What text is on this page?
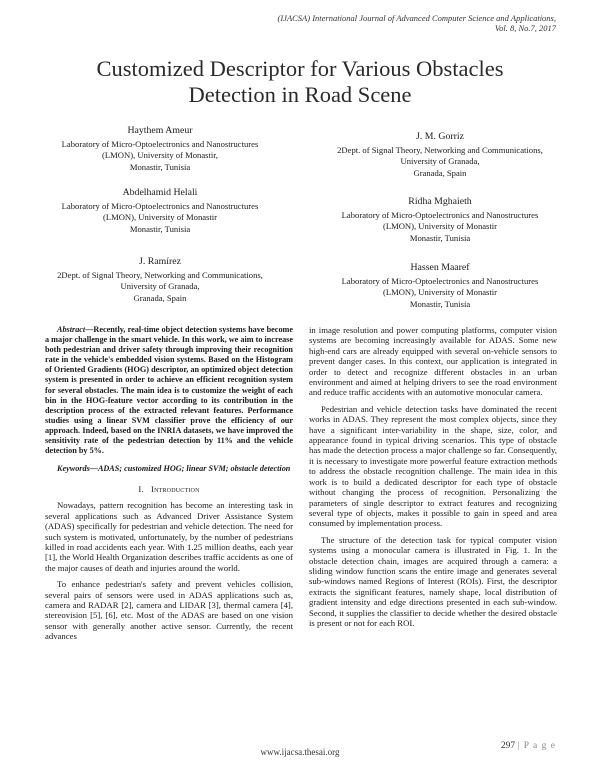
(IJACSA) International Journal of Advanced Computer Science and Applications,
Vol. 8, No.7, 2017
Customized Descriptor for Various Obstacles
Detection in Road Scene
Haythem Ameur
Laboratory of Micro-Optoelectronics and Nanostructures
(LMON), University of Monastir,
Monastir, Tunisia
Abdelhamid Helali
Laboratory of Micro-Optoelectronics and Nanostructures
(LMON), University of Monastir
Monastir, Tunisia
J. Ramírez
2Dept. of Signal Theory, Networking and Communications,
University of Granada,
Granada, Spain
J. M. Gorriz
2Dept. of Signal Theory, Networking and Communications,
University of Granada,
Granada, Spain
Ridha Mghaieth
Laboratory of Micro-Optoelectronics and Nanostructures
(LMON), University of Monastir
Monastir, Tunisia
Hassen Maaref
Laboratory of Micro-Optoelectronics and Nanostructures
(LMON), University of Monastir
Monastir, Tunisia
Abstract—Recently, real-time object detection systems have become a major challenge in the smart vehicle. In this work, we aim to increase both pedestrian and driver safety through improving their recognition rate in the vehicle's embedded vision systems. Based on the Histogram of Oriented Gradients (HOG) descriptor, an optimized object detection system is presented in order to achieve an efficient recognition system for several obstacles. The main idea is to customize the weight of each bin in the HOG-feature vector according to its contribution in the description process of the extracted relevant features. Performance studies using a linear SVM classifier prove the efficiency of our approach. Indeed, based on the INRIA datasets, we have improved the sensitivity rate of the pedestrian detection by 11% and the vehicle detection by 5%.
Keywords—ADAS; customized HOG; linear SVM; obstacle detection
I. Introduction

Nowadays, pattern recognition has become an interesting task in several applications such as Advanced Driver Assistance System (ADAS) specifically for pedestrian and vehicle detection. The need for such system is motivated, unfortunately, by the number of pedestrians killed in road accidents each year. With 1.25 million deaths, each year [1], the World Health Organization describes traffic accidents as one of the major causes of death and injuries around the world.

To enhance pedestrian's safety and prevent vehicles collision, several pairs of sensors were used in ADAS applications such as, camera and RADAR [2], camera and LIDAR [3], thermal camera [4], stereovision [5], [6], etc. Most of the ADAS are based on one vision sensor with generally another active sensor. Currently, the recent advances

in image resolution and power computing platforms, computer vision systems are becoming increasingly available for ADAS. Some new high-end cars are already equipped with several on-vehicle sensors to prevent danger cases. In this context, our application is integrated in order to detect and recognize different obstacles in an urban environment and aimed at helping drivers to see the road environment and reduce traffic accidents with an automotive monocular camera.

Pedestrian and vehicle detection tasks have dominated the recent works in ADAS. They represent the most complex objects, since they have a significant inter-variability in the shape, size, color, and appearance found in typical driving scenarios. This type of obstacle has made the detection process a major challenge so far. Consequently, it is necessary to investigate more powerful feature extraction methods to address the obstacle recognition challenge. The main idea in this work is to build a dedicated descriptor for each type of obstacle without changing the process of recognition. Personalizing the parameters of single descriptor to extract features and recognizing several type of objects, makes it possible to gain in speed and area consumed by implementation process.

The structure of the detection task for typical computer vision systems using a monocular camera is illustrated in Fig. 1. In the obstacle detection chain, images are acquired through a camera: a sliding window function scans the entire image and generates several sub-windows named Regions of Interest (ROIs). First, the descriptor extracts the significant features, namely shape, local distribution of gradient intensity and edge directions presented in each sub-window. Second, it supplies the classifier to decide whether the desired obstacle is present or not for each ROI.

www.ijacsa.thesai.org
297 | P a g e
